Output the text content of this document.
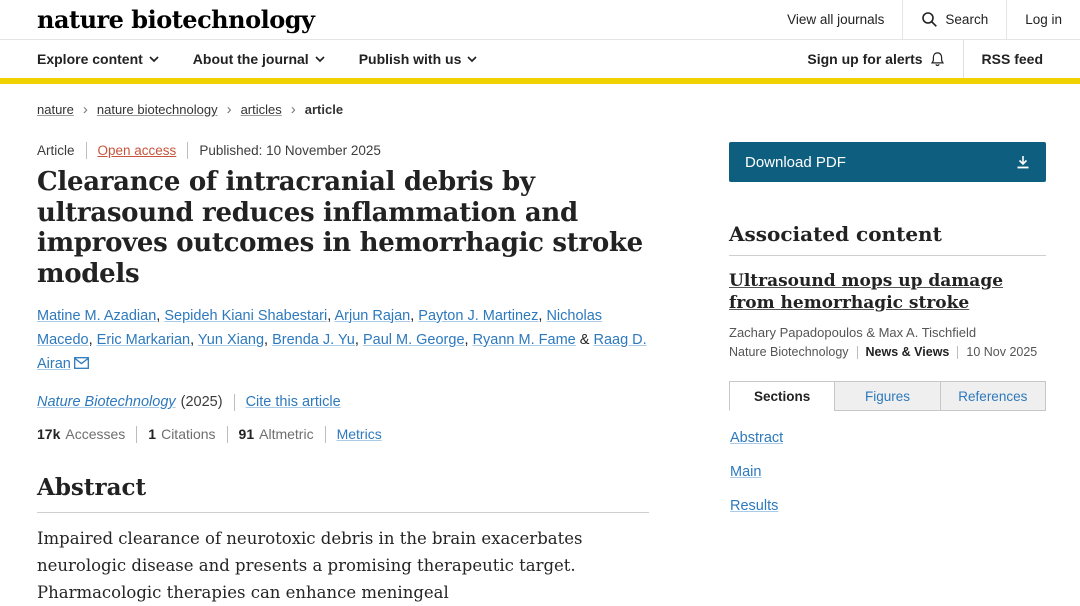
nature biotechnology	View all journals	Search	Log in
Explore content	About the journal	Publish with us	Sign up for alerts	RSS feed
nature › nature biotechnology › articles › article
Article Open access Published: 10 November 2025
Clearance of intracranial debris by ultrasound reduces inflammation and improves outcomes in hemorrhagic stroke models

Matine M. Azadian, Sepideh Kiani Shabestari, Arjun Rajan, Payton J. Martinez, Nicholas Macedo, Eric Markarian, Yun Xiang, Brenda J. Yu, Paul M. George, Ryann M. Fame & Raag D. Airan

Nature Biotechnology (2025) Cite this article
17k Accesses 1 Citations 91 Altmetric Metrics
Abstract

Impaired clearance of neurotoxic debris in the brain exacerbates neurologic disease and presents a promising therapeutic target. Pharmacologic therapies can enhance meningeal

Download PDF
Associated content
Ultrasound mops up damage from hemorrhagic stroke
Zachary Papadopoulos & Max A. Tischfield
Nature Biotechnology News & Views 10 Nov 2025
Sections	Figures	References
Abstract
Main
Results
